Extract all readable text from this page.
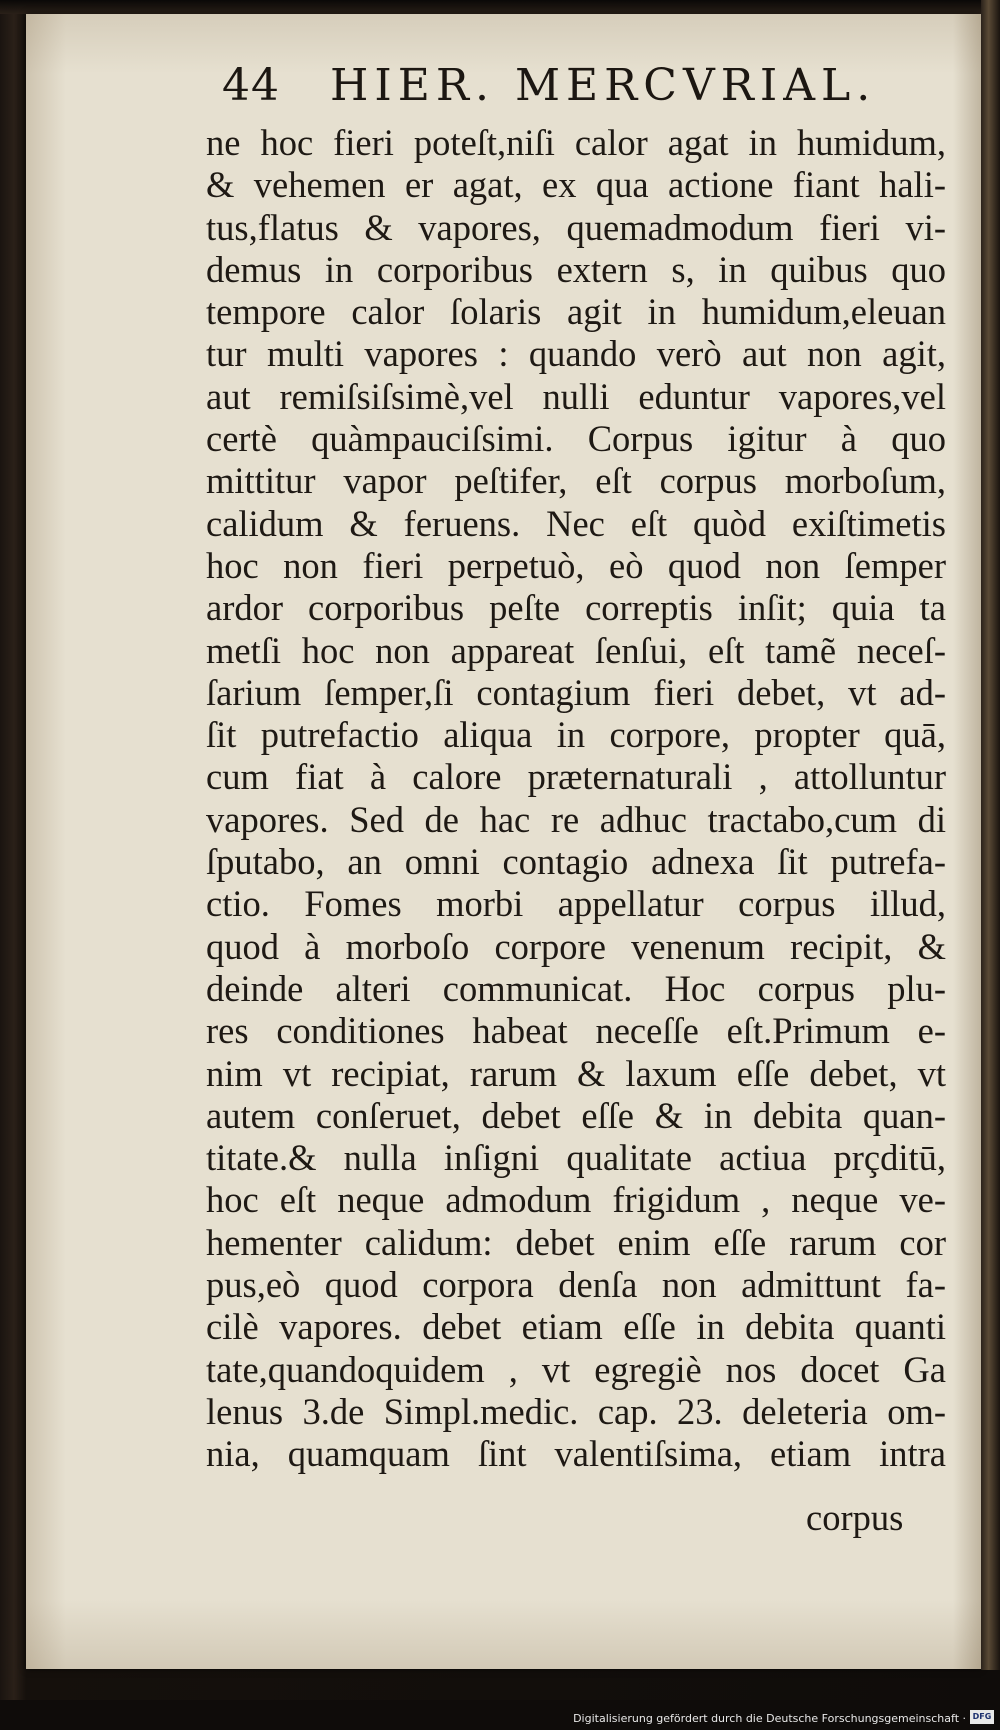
44 HIER. MERCVRIAL.
ne hoc fieri poteſt,niſi calor agat in humidum,
& vehemen er agat, ex qua actione fiant hali-
tus,flatus & vapores, quemadmodum fieri vi-
demus in corporibus extern s, in quibus quo
tempore calor ſolaris agit in humidum,eleuan
tur multi vapores : quando verò aut non agit,
aut remiſsiſsimè,vel nulli eduntur vapores,vel
certè quàmpauciſsimi. Corpus igitur à quo
mittitur vapor peſtifer, eſt corpus morboſum,
calidum & feruens. Nec eſt quòd exiſtimetis
hoc non fieri perpetuò, eò quod non ſemper
ardor corporibus peſte correptis inſit; quia ta
metſi hoc non appareat ſenſui, eſt tamẽ neceſ-
ſarium ſemper,ſi contagium fieri debet, vt ad-
ſit putrefactio aliqua in corpore, propter quā,
cum fiat à calore præternaturali , attolluntur
vapores. Sed de hac re adhuc tractabo,cum di
ſputabo, an omni contagio adnexa ſit putrefa-
ctio. Fomes morbi appellatur corpus illud,
quod à morboſo corpore venenum recipit, &
deinde alteri communicat. Hoc corpus plu-
res conditiones habeat neceſſe eſt.Primum e-
nim vt recipiat, rarum & laxum eſſe debet, vt
autem conſeruet, debet eſſe & in debita quan-
titate.& nulla inſigni qualitate actiua prçditū,
hoc eſt neque admodum frigidum , neque ve-
hementer calidum: debet enim eſſe rarum cor
pus,eò quod corpora denſa non admittunt fa-
cilè vapores. debet etiam eſſe in debita quanti
tate,quandoquidem , vt egregiè nos docet Ga
lenus 3.de Simpl.medic. cap. 23. deleteria om-
nia, quamquam ſint valentiſsima, etiam intra
corpus
Digitalisierung gefördert durch die Deutsche Forschungsgemeinschaft · DFG
